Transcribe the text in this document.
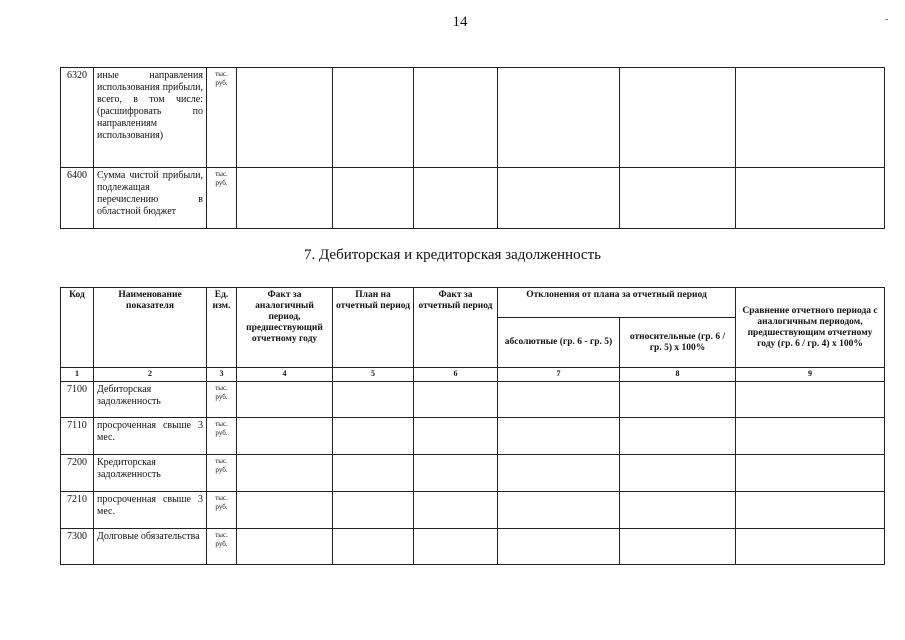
14	-
6320	иные направления использования прибыли, всего, в том числе: (расшифровать по направлениям использования)	тыс. руб.						
6400	Сумма чистой прибыли, подлежащая перечислению в областной бюджет	тыс. руб.						
7. Дебиторская и кредиторская задолженность
Код	Наименование показателя	Ед. изм.	Факт за аналогичный период, предшествующий отчетному году	План на отчетный период	Факт за отчетный период	Отклонения от плана за отчетный период		Сравнение отчетного периода с аналогичным периодом, предшествующим отчетному году (гр. 6 / гр. 4) х 100%
						абсолютные (гр. 6 - гр. 5)	относительные (гр. 6 / гр. 5) х 100%	
1	2	3	4	5	6	7	8	9
7100	Дебиторская задолженность	тыс. руб.						
7110	просроченная свыше 3 мес.	тыс. руб.						
7200	Кредиторская задолженность	тыс. руб.						
7210	просроченная свыше 3 мес.	тыс. руб.						
7300	Долговые обязательства	тыс. руб.						
